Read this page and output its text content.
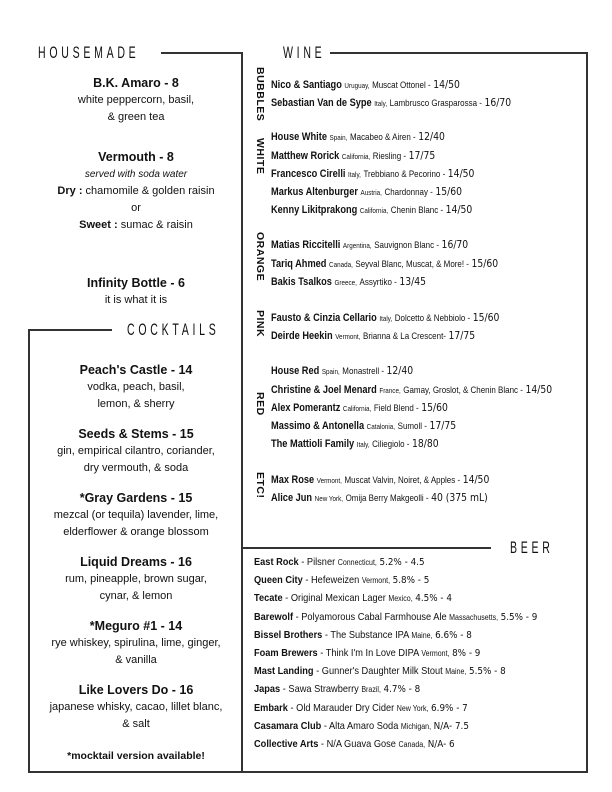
HOUSEMADE	WINE
COCKTAILS
BEER
B.K. Amaro - 8
white peppercorn, basil,
& green tea
Vermouth - 8
served with soda water
Dry : chamomile & golden raisin
or
Sweet : sumac & raisin
Infinity Bottle - 6
it is what it is
Peach's Castle - 14
vodka, peach, basil,
lemon, & sherry
Seeds & Stems - 15
gin, empirical cilantro, coriander,
dry vermouth, & soda
*Gray Gardens - 15
mezcal (or tequila) lavender, lime,
elderflower & orange blossom
Liquid Dreams - 16
rum, pineapple, brown sugar,
cynar, & lemon
*Meguro #1 - 14
rye whiskey, spirulina, lime, ginger,
& vanilla
Like Lovers Do - 16
japanese whisky, cacao, lillet blanc,
& salt
*mocktail version available!
BUBBLES Nico & Santiago Uruguay, Muscat Ottonel - 14/50
Sebastian Van de Sype Italy, Lambrusco Grasparossa - 16/70
WHITE
House White Spain, Macabeo & Airen - 12/40
Matthew Rorick California, Riesling - 17/75
Francesco Cirelli Italy, Trebbiano & Pecorino - 14/50
Markus Altenburger Austria, Chardonnay - 15/60
Kenny Likitprakong California, Chenin Blanc - 14/50
ORANGE Matias Riccitelli Argentina, Sauvignon Blanc - 16/70
Tariq Ahmed Canada, Seyval Blanc, Muscat, & More! - 15/60
Bakis Tsalkos Greece, Assyrtiko - 13/45
PINK Fausto & Cinzia Cellario Italy, Dolcetto & Nebbiolo - 15/60
Deirde Heekin Vermont, Brianna & La Crescent- 17/75
RED
House Red Spain, Monastrell - 12/40
Christine & Joel Menard France, Gamay, Groslot, & Chenin Blanc - 14/50
Alex Pomerantz California, Field Blend - 15/60
Massimo & Antonella Catalonia, Sumoll - 17/75
The Mattioli Family Italy, Ciliegiolo - 18/80
ETC! Max Rose Vermont, Muscat Valvin, Noiret, & Apples - 14/50
Alice Jun New York, Omija Berry Makgeolli - 40 (375 mL)
East Rock - Pilsner Connecticut, 5.2% - 4.5
Queen City - Hefeweizen Vermont, 5.8% - 5
Tecate - Original Mexican Lager Mexico, 4.5% - 4
Barewolf - Polyamorous Cabal Farmhouse Ale Massachusetts, 5.5% - 9
Bissel Brothers - The Substance IPA Maine, 6.6% - 8
Foam Brewers - Think I'm In Love DIPA Vermont, 8% - 9
Mast Landing - Gunner's Daughter Milk Stout Maine, 5.5% - 8
Japas - Sawa Strawberry Brazil, 4.7% - 8
Embark - Old Marauder Dry Cider New York, 6.9% - 7
Casamara Club - Alta Amaro Soda Michigan, N/A- 7.5
Collective Arts - N/A Guava Gose Canada, N/A- 6
